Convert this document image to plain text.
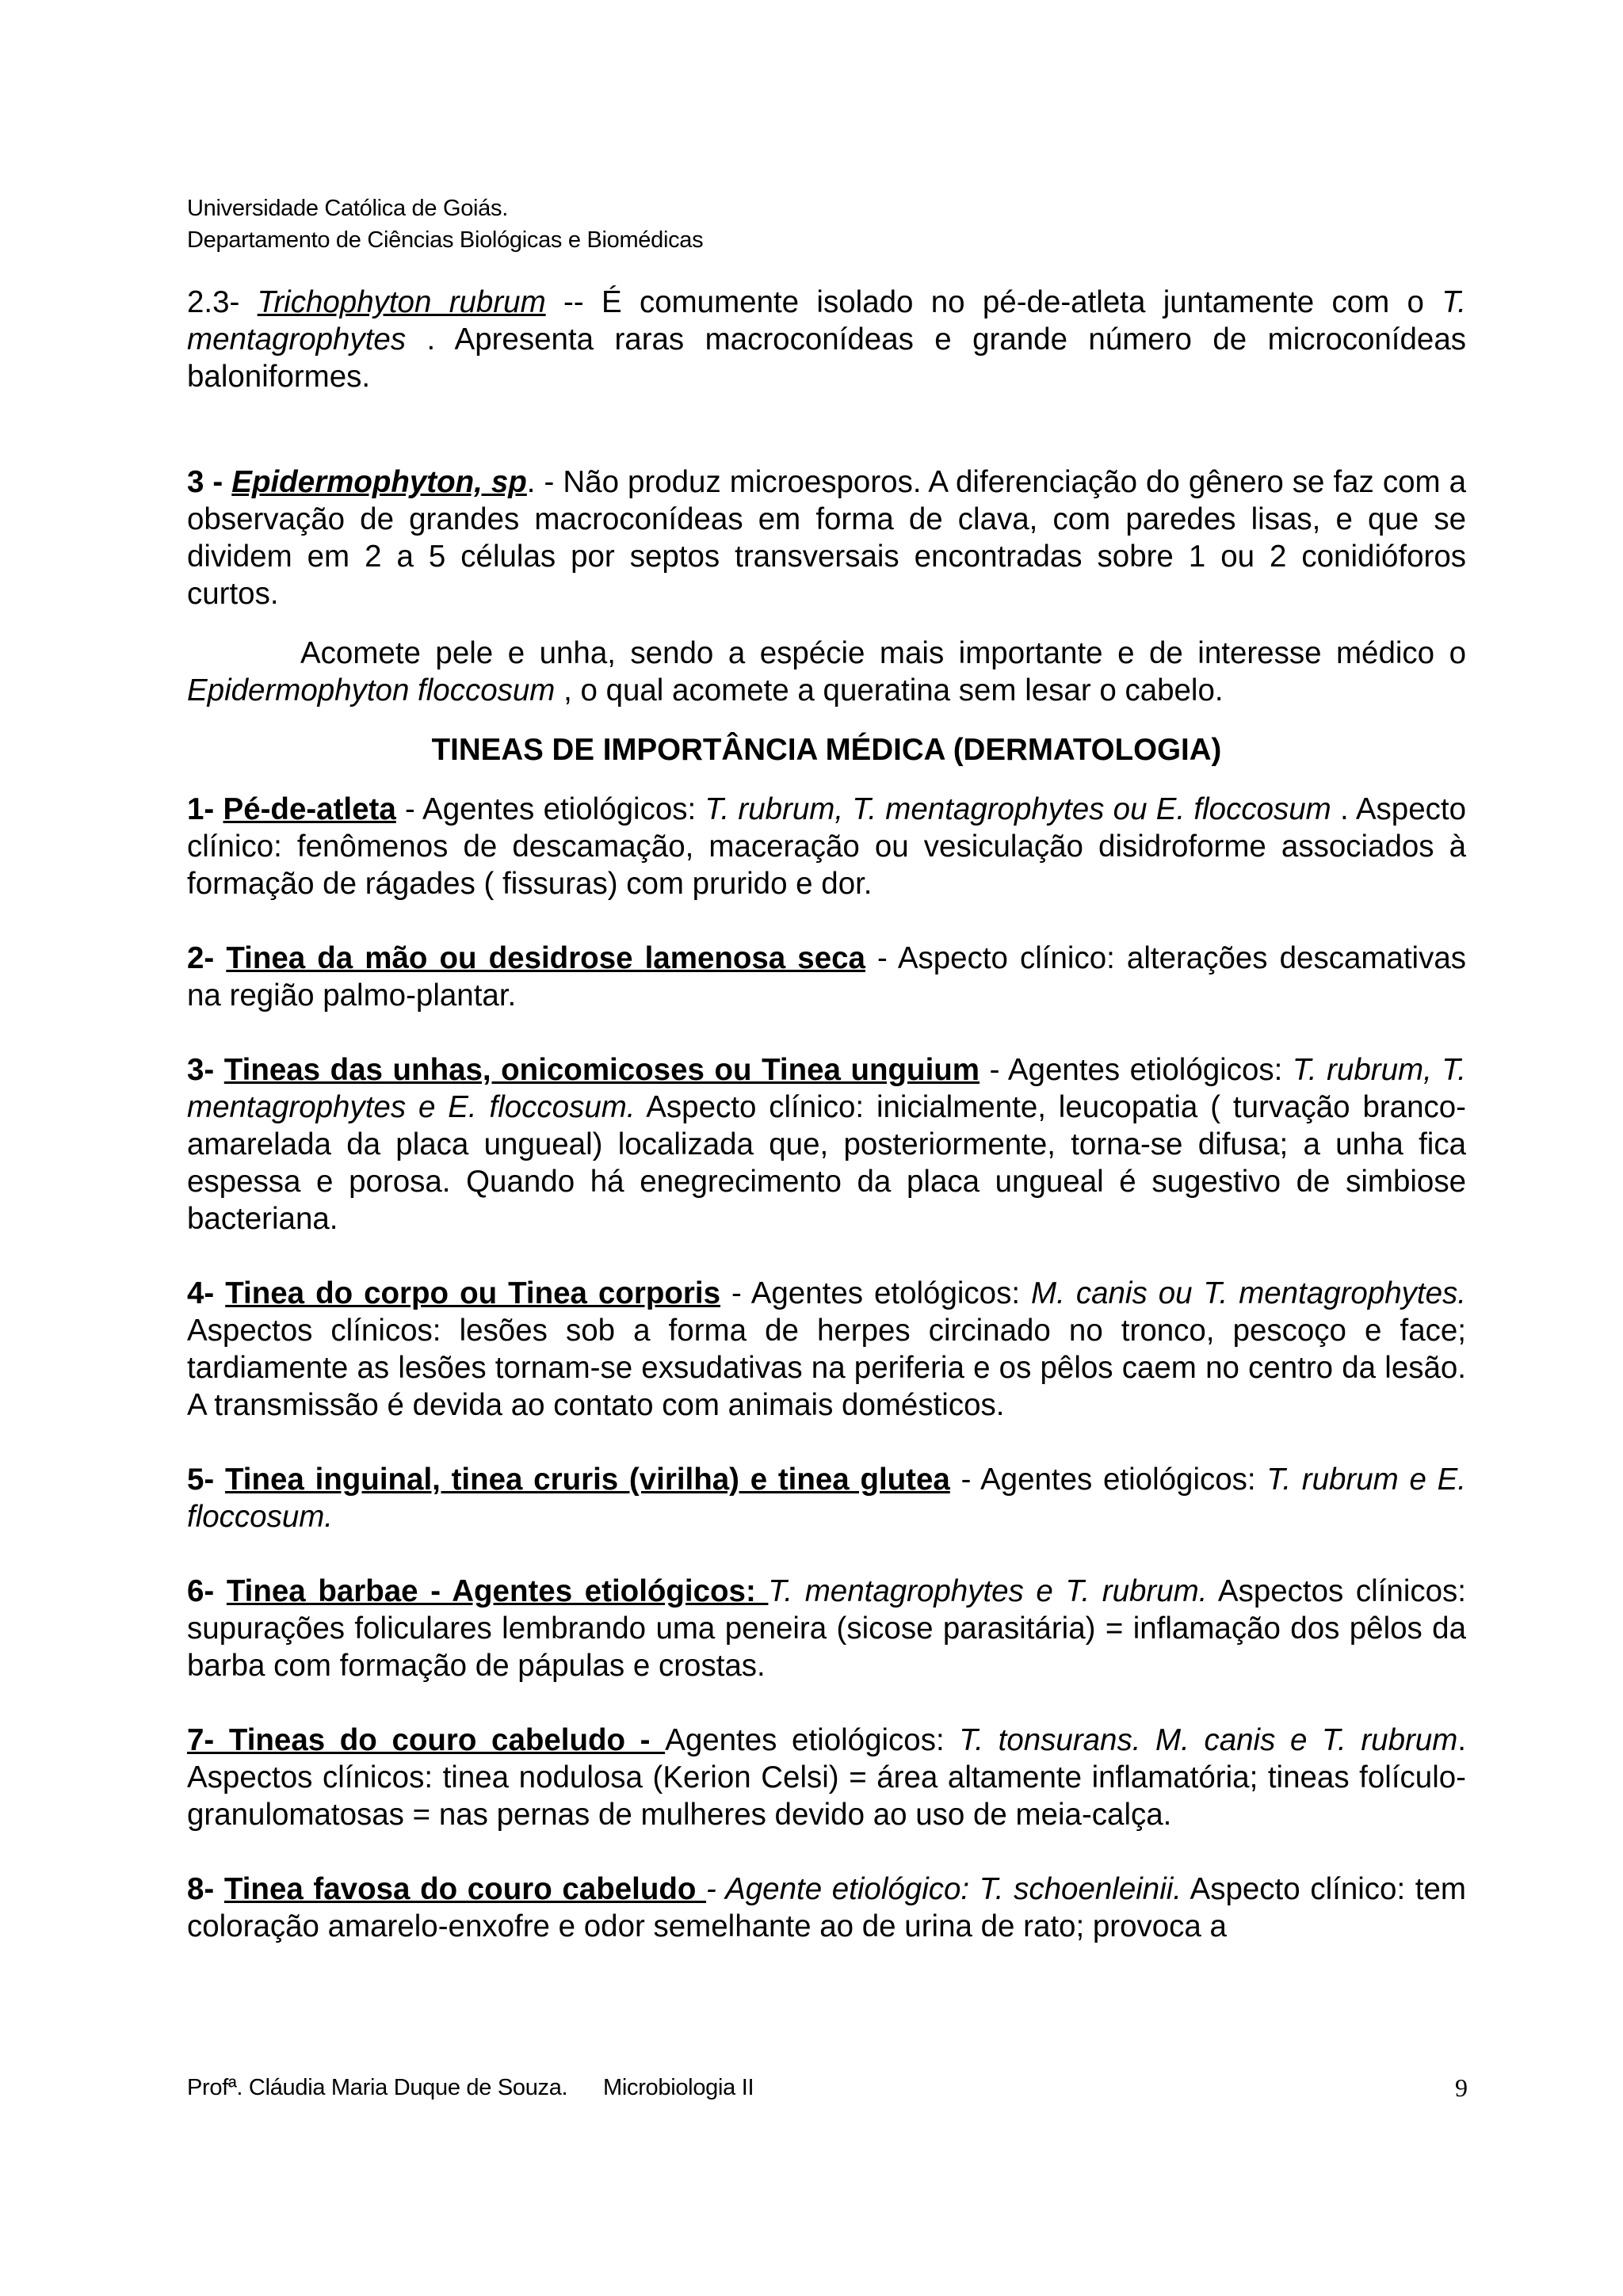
Universidade Católica de Goiás.
Departamento de Ciências Biológicas e Biomédicas

2.3- Trichophyton rubrum -- É comumente isolado no pé-de-atleta juntamente com o T. mentagrophytes . Apresenta raras macroconídeas e grande número de microconídeas baloniformes.

3 - Epidermophyton, sp. - Não produz microesporos. A diferenciação do gênero se faz com a observação de grandes macroconídeas em forma de clava, com paredes lisas, e que se dividem em 2 a 5 células por septos transversais encontradas sobre 1 ou 2 conidióforos curtos.

Acomete pele e unha, sendo a espécie mais importante e de interesse médico o Epidermophyton floccosum , o qual acomete a queratina sem lesar o cabelo.

TINEAS DE IMPORTÂNCIA MÉDICA (DERMATOLOGIA)

1- Pé-de-atleta - Agentes etiológicos: T. rubrum, T. mentagrophytes ou E. floccosum . Aspecto clínico: fenômenos de descamação, maceração ou vesiculação disidroforme associados à formação de rágades ( fissuras) com prurido e dor.

2- Tinea da mão ou desidrose lamenosa seca - Aspecto clínico: alterações descamativas na região palmo-plantar.

3- Tineas das unhas, onicomicoses ou Tinea unguium - Agentes etiológicos: T. rubrum, T. mentagrophytes e E. floccosum. Aspecto clínico: inicialmente, leucopatia ( turvação branco-amarelada da placa ungueal) localizada que, posteriormente, torna-se difusa; a unha fica espessa e porosa. Quando há enegrecimento da placa ungueal é sugestivo de simbiose bacteriana.

4- Tinea do corpo ou Tinea corporis - Agentes etológicos: M. canis ou T. mentagrophytes. Aspectos clínicos: lesões sob a forma de herpes circinado no tronco, pescoço e face; tardiamente as lesões tornam-se exsudativas na periferia e os pêlos caem no centro da lesão. A transmissão é devida ao contato com animais domésticos.

5- Tinea inguinal, tinea cruris (virilha) e tinea glutea - Agentes etiológicos: T. rubrum e E. floccosum.

6- Tinea barbae - Agentes etiológicos: T. mentagrophytes e T. rubrum. Aspectos clínicos: supurações foliculares lembrando uma peneira (sicose parasitária) = inflamação dos pêlos da barba com formação de pápulas e crostas.

7- Tineas do couro cabeludo - Agentes etiológicos: T. tonsurans. M. canis e T. rubrum. Aspectos clínicos: tinea nodulosa (Kerion Celsi) = área altamente inflamatória; tineas folículo-granulomatosas = nas pernas de mulheres devido ao uso de meia-calça.

8- Tinea favosa do couro cabeludo - Agente etiológico: T. schoenleinii. Aspecto clínico: tem coloração amarelo-enxofre e odor semelhante ao de urina de rato; provoca a

Profª. Cláudia Maria Duque de Souza. Microbiologia II	9
